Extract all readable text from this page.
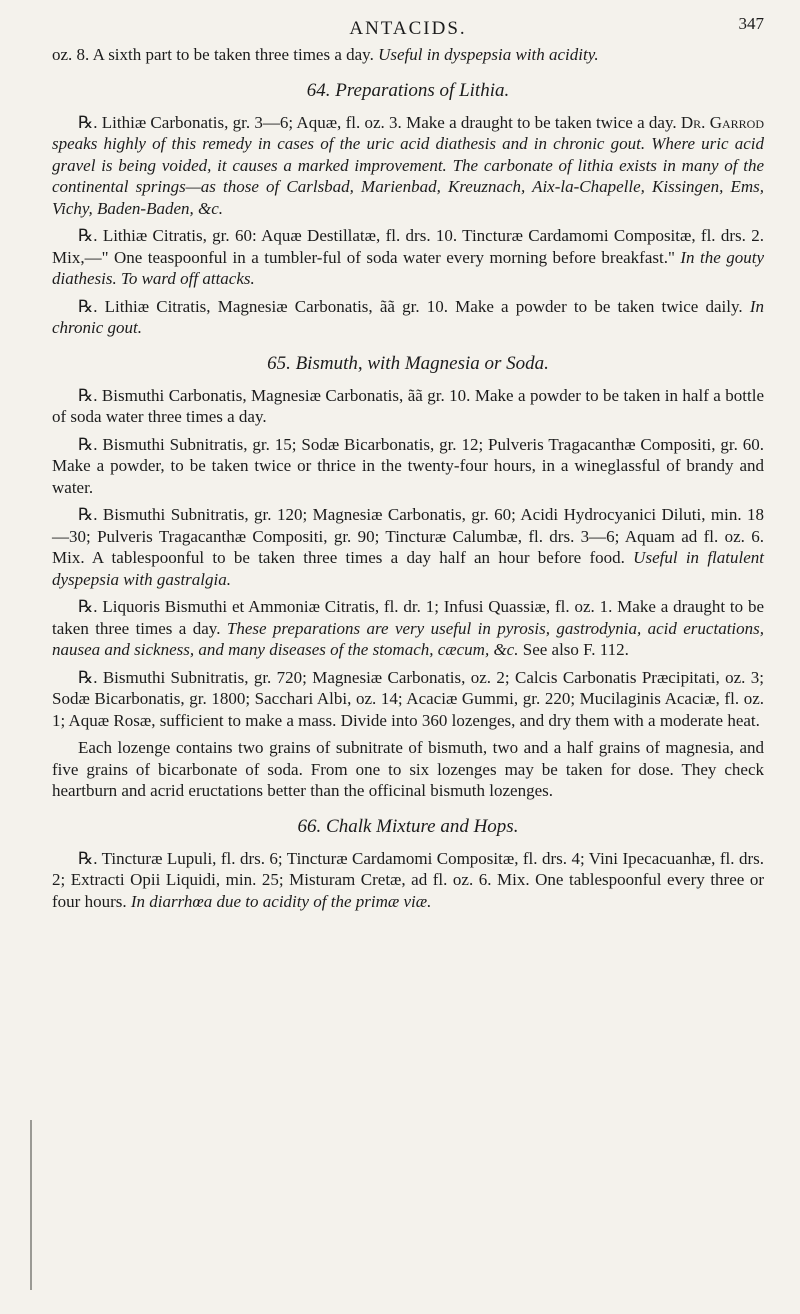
ANTACIDS.	347

oz. 8. A sixth part to be taken three times a day. Useful in dyspepsia with acidity.

64. Preparations of Lithia.

℞. Lithiæ Carbonatis, gr. 3—6; Aquæ, fl. oz. 3. Make a draught to be taken twice a day. Dr. Garrod speaks highly of this remedy in cases of the uric acid diathesis and in chronic gout. Where uric acid gravel is being voided, it causes a marked improvement. The carbonate of lithia exists in many of the continental springs—as those of Carlsbad, Marienbad, Kreuznach, Aix-la-Chapelle, Kissingen, Ems, Vichy, Baden-Baden, &c.

℞. Lithiæ Citratis, gr. 60: Aquæ Destillatæ, fl. drs. 10. Tincturæ Cardamomi Compositæ, fl. drs. 2. Mix,—" One teaspoonful in a tumbler-ful of soda water every morning before breakfast." In the gouty diathesis. To ward off attacks.

℞. Lithiæ Citratis, Magnesiæ Carbonatis, ãã gr. 10. Make a powder to be taken twice daily. In chronic gout.

65. Bismuth, with Magnesia or Soda.

℞. Bismuthi Carbonatis, Magnesiæ Carbonatis, ãã gr. 10. Make a powder to be taken in half a bottle of soda water three times a day.

℞. Bismuthi Subnitratis, gr. 15; Sodæ Bicarbonatis, gr. 12; Pulveris Tragacanthæ Compositi, gr. 60. Make a powder, to be taken twice or thrice in the twenty-four hours, in a wineglassful of brandy and water.

℞. Bismuthi Subnitratis, gr. 120; Magnesiæ Carbonatis, gr. 60; Acidi Hydrocyanici Diluti, min. 18—30; Pulveris Tragacanthæ Compositi, gr. 90; Tincturæ Calumbæ, fl. drs. 3—6; Aquam ad fl. oz. 6. Mix. A tablespoonful to be taken three times a day half an hour before food. Useful in flatulent dyspepsia with gastralgia.

℞. Liquoris Bismuthi et Ammoniæ Citratis, fl. dr. 1; Infusi Quassiæ, fl. oz. 1. Make a draught to be taken three times a day. These preparations are very useful in pyrosis, gastrodynia, acid eructations, nausea and sickness, and many diseases of the stomach, cæcum, &c. See also F. 112.

℞. Bismuthi Subnitratis, gr. 720; Magnesiæ Carbonatis, oz. 2; Calcis Carbonatis Præcipitati, oz. 3; Sodæ Bicarbonatis, gr. 1800; Sacchari Albi, oz. 14; Acaciæ Gummi, gr. 220; Mucilaginis Acaciæ, fl. oz. 1; Aquæ Rosæ, sufficient to make a mass. Divide into 360 lozenges, and dry them with a moderate heat.

Each lozenge contains two grains of subnitrate of bismuth, two and a half grains of magnesia, and five grains of bicarbonate of soda. From one to six lozenges may be taken for dose. They check heartburn and acrid eructations better than the officinal bismuth lozenges.

66. Chalk Mixture and Hops.

℞. Tincturæ Lupuli, fl. drs. 6; Tincturæ Cardamomi Compositæ, fl. drs. 4; Vini Ipecacuanhæ, fl. drs. 2; Extracti Opii Liquidi, min. 25; Misturam Cretæ, ad fl. oz. 6. Mix. One tablespoonful every three or four hours. In diarrhœa due to acidity of the primæ viæ.
